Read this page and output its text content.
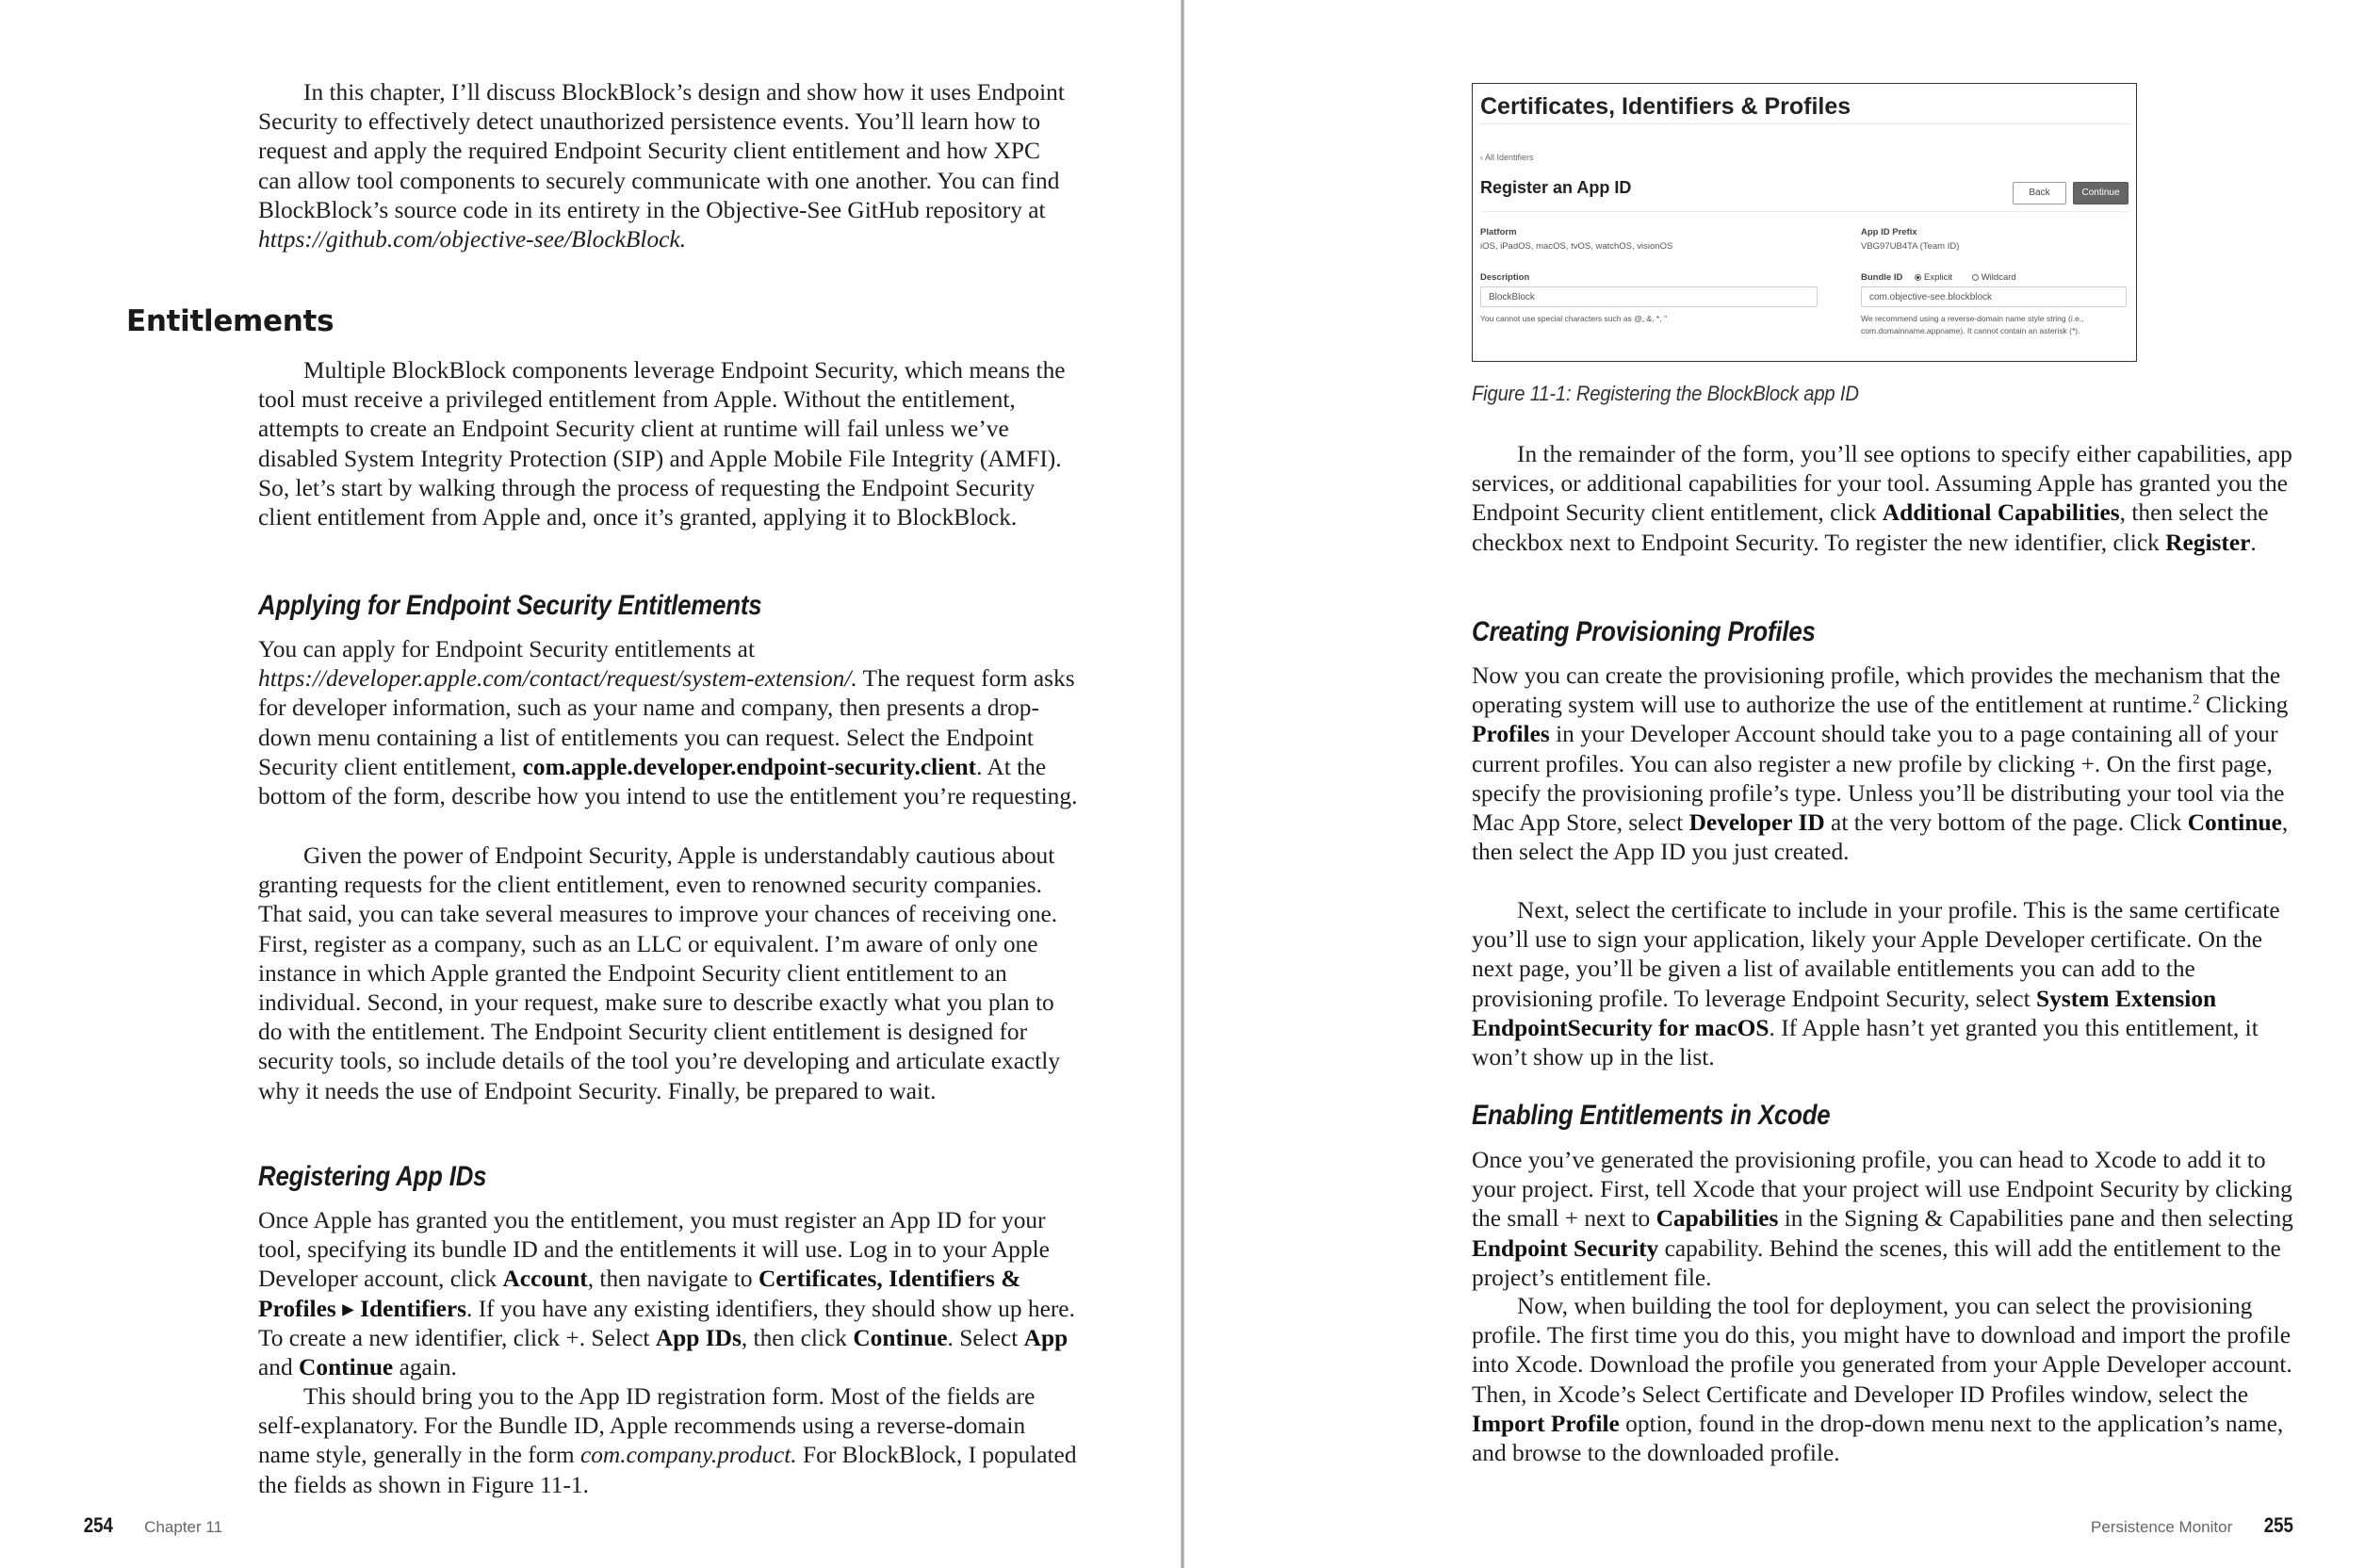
In this chapter, I’ll discuss BlockBlock’s design and show how it uses Endpoint Security to effectively detect unauthorized persistence events. You’ll learn how to request and apply the required Endpoint Security client entitlement and how XPC can allow tool components to securely communicate with one another. You can find BlockBlock’s source code in its entirety in the Objective-See GitHub repository at https://github.com/objective-see/BlockBlock.

Entitlements

Multiple BlockBlock components leverage Endpoint Security, which means the tool must receive a privileged entitlement from Apple. Without the entitlement, attempts to create an Endpoint Security client at runtime will fail unless we’ve disabled System Integrity Protection (SIP) and Apple Mobile File Integrity (AMFI). So, let’s start by walking through the process of requesting the Endpoint Security client entitlement from Apple and, once it’s granted, applying it to BlockBlock.

Applying for Endpoint Security Entitlements

You can apply for Endpoint Security entitlements at https://developer.apple.com/contact/request/system-extension/. The request form asks for developer information, such as your name and company, then presents a drop-down menu containing a list of entitlements you can request. Select the Endpoint Security client entitlement, com.apple.developer.endpoint-security.client. At the bottom of the form, describe how you intend to use the entitlement you’re requesting.

Given the power of Endpoint Security, Apple is understandably cautious about granting requests for the client entitlement, even to renowned security companies. That said, you can take several measures to improve your chances of receiving one. First, register as a company, such as an LLC or equivalent. I’m aware of only one instance in which Apple granted the Endpoint Security client entitlement to an individual. Second, in your request, make sure to describe exactly what you plan to do with the entitlement. The Endpoint Security client entitlement is designed for security tools, so include details of the tool you’re developing and articulate exactly why it needs the use of Endpoint Security. Finally, be prepared to wait.

Registering App IDs

Once Apple has granted you the entitlement, you must register an App ID for your tool, specifying its bundle ID and the entitlements it will use. Log in to your Apple Developer account, click Account, then navigate to Certificates, Identifiers & Profiles ▸ Identifiers. If you have any existing identifiers, they should show up here. To create a new identifier, click +. Select App IDs, then click Continue. Select App and Continue again.

This should bring you to the App ID registration form. Most of the fields are self-explanatory. For the Bundle ID, Apple recommends using a reverse-domain name style, generally in the form com.company.product. For BlockBlock, I populated the fields as shown in Figure 11-1.

254 Chapter 11
Certificates, Identifiers & Profiles
‹ All Identifiers
Register an App ID	Back	Continue
Platform
iOS, iPadOS, macOS, tvOS, watchOS, visionOS
App ID Prefix
VBG97UB4TA (Team ID)
Description
BlockBlock
You cannot use special characters such as @, &, *, "
Bundle ID Explicit	Wildcard
com.objective-see.blockblock
We recommend using a reverse-domain name style string (i.e.,
com.domainname.appname). It cannot contain an asterisk (*).
Figure 11-1: Registering the BlockBlock app ID

In the remainder of the form, you’ll see options to specify either capabilities, app services, or additional capabilities for your tool. Assuming Apple has granted you the Endpoint Security client entitlement, click Additional Capabilities, then select the checkbox next to Endpoint Security. To register the new identifier, click Register.

Creating Provisioning Profiles

Now you can create the provisioning profile, which provides the mechanism that the operating system will use to authorize the use of the entitlement at runtime.$^2$ Clicking Profiles in your Developer Account should take you to a page containing all of your current profiles. You can also register a new profile by clicking +. On the first page, specify the provisioning profile’s type. Unless you’ll be distributing your tool via the Mac App Store, select Developer ID at the very bottom of the page. Click Continue, then select the App ID you just created.

Next, select the certificate to include in your profile. This is the same certificate you’ll use to sign your application, likely your Apple Developer certificate. On the next page, you’ll be given a list of available entitlements you can add to the provisioning profile. To leverage Endpoint Security, select System Extension EndpointSecurity for macOS. If Apple hasn’t yet granted you this entitlement, it won’t show up in the list.

Enabling Entitlements in Xcode

Once you’ve generated the provisioning profile, you can head to Xcode to add it to your project. First, tell Xcode that your project will use Endpoint Security by clicking the small + next to Capabilities in the Signing & Capabilities pane and then selecting Endpoint Security capability. Behind the scenes, this will add the entitlement to the project’s entitlement file.

Now, when building the tool for deployment, you can select the provisioning profile. The first time you do this, you might have to download and import the profile into Xcode. Download the profile you generated from your Apple Developer account. Then, in Xcode’s Select Certificate and Developer ID Profiles window, select the Import Profile option, found in the drop-down menu next to the application’s name, and browse to the downloaded profile.

Persistence Monitor 255
